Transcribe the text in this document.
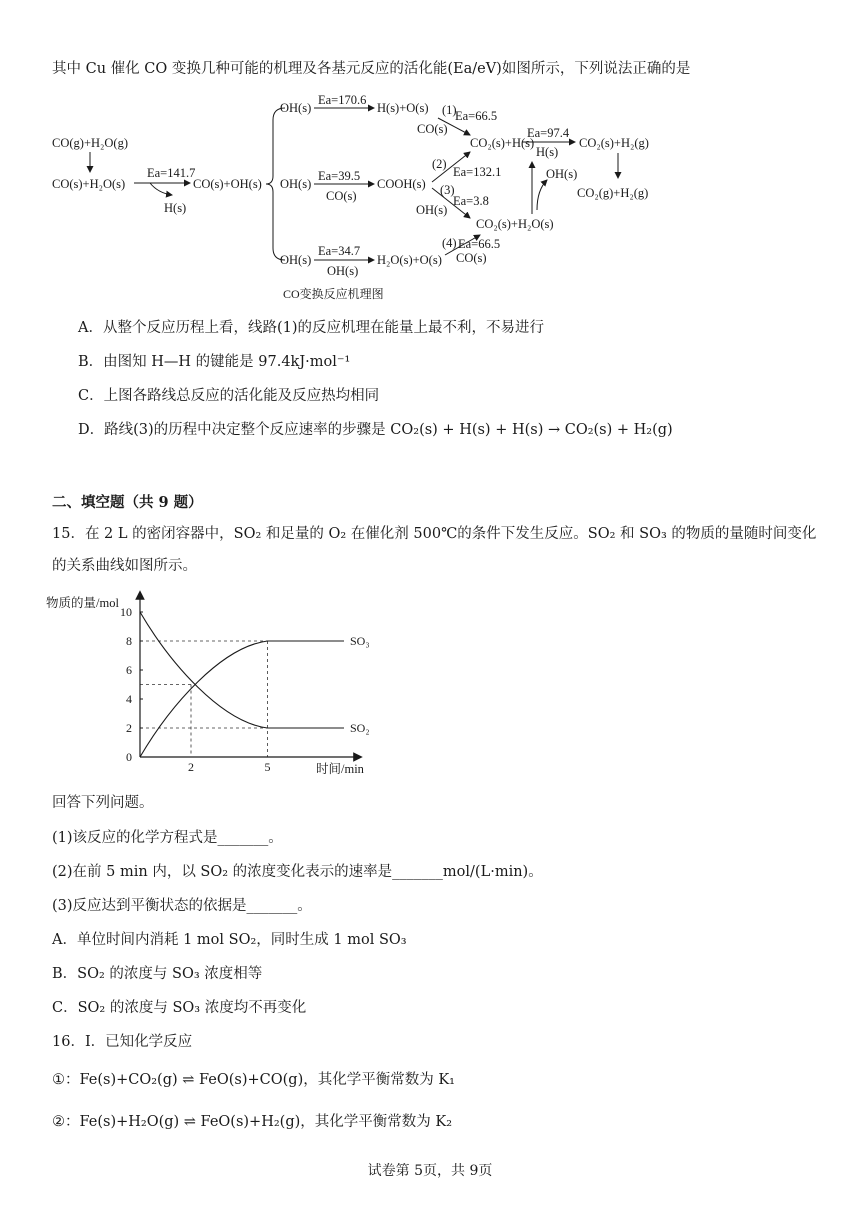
其中 Cu 催化 CO 变换几种可能的机理及各基元反应的活化能(Ea/eV)如图所示，下列说法正确的是
CO(g)+H₂O(g)
CO(s)+H₂O(s)
Ea=141.7
H(s)
CO(s)+OH(s)
OH(s)
Ea=170.6
H(s)+O(s) (1)
Ea=66.5
CO(s)
CO₂(s)+H(s)
Ea=97.4
H(s)
CO₂(s)+H₂(g)
CO₂(g)+H₂(g)
OH(s)
Ea=39.5
CO(s)
COOH(s)
(2)
Ea=132.1
(3)
Ea=3.8
OH(s)
CO₂(s)+H₂O(s)
OH(s)
OH(s)
Ea=34.7
OH(s)
H₂O(s)+O(s)
(4) Ea=66.5
CO(s)
CO变换反应机理图
A．从整个反应历程上看，线路(1)的反应机理在能量上最不利，不易进行
B．由图知 H—H 的键能是 97.4kJ·mol⁻¹
C．上图各路线总反应的活化能及反应热均相同
D．路线(3)的历程中决定整个反应速率的步骤是 CO₂(s) + H(s) + H(s) → CO₂(s) + H₂(g)
二、填空题（共 9 题）
15．在 2 L 的密闭容器中，SO₂ 和足量的 O₂ 在催化剂 500℃的条件下发生反应。SO₂ 和 SO₃ 的物质的量随时间变化
的关系曲线如图所示。
物质的量/mol
时间/min
0
2
4
6
8
10
2	5
SO₃
SO₂
回答下列问题。
(1)该反应的化学方程式是_______。
(2)在前 5 min 内，以 SO₂ 的浓度变化表示的速率是_______mol/(L·min)。
(3)反应达到平衡状态的依据是_______。
A．单位时间内消耗 1 mol SO₂，同时生成 1 mol SO₃
B．SO₂ 的浓度与 SO₃ 浓度相等
C．SO₂ 的浓度与 SO₃ 浓度均不再变化
16．I．已知化学反应
①：Fe(s)+CO₂(g) ⇌ FeO(s)+CO(g)，其化学平衡常数为 K₁
②：Fe(s)+H₂O(g) ⇌ FeO(s)+H₂(g)，其化学平衡常数为 K₂
试卷第 5页，共 9页
